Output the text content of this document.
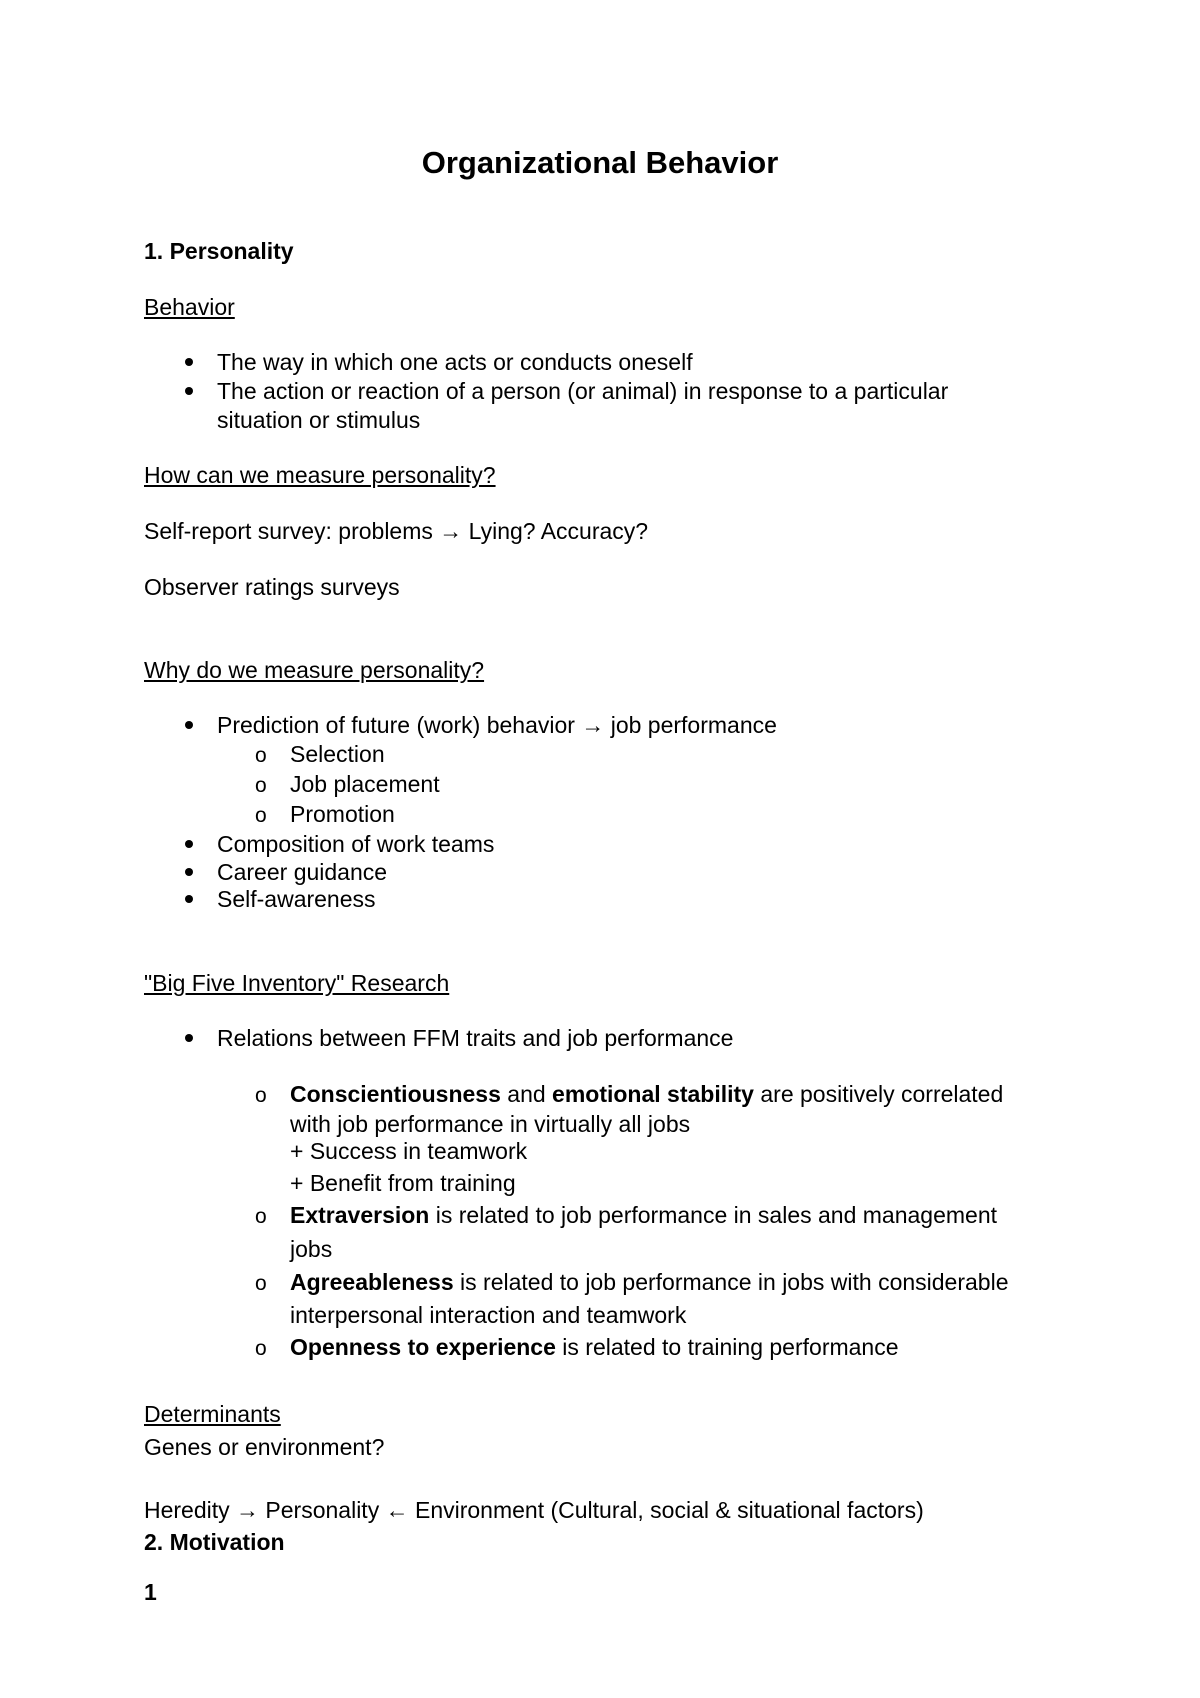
Organizational Behavior
1. Personality
Behavior
The way in which one acts or conducts oneself
The action or reaction of a person (or animal) in response to a particular
situation or stimulus
How can we measure personality?
Self-report survey: problems → Lying? Accuracy?
Observer ratings surveys
Why do we measure personality?
Prediction of future (work) behavior → job performance
o Selection
o Job placement
o Promotion
Composition of work teams
Career guidance
Self-awareness
"Big Five Inventory" Research
Relations between FFM traits and job performance
o Conscientiousness and emotional stability are positively correlated
with job performance in virtually all jobs
+ Success in teamwork
+ Benefit from training
o Extraversion is related to job performance in sales and management
jobs
o Agreeableness is related to job performance in jobs with considerable
interpersonal interaction and teamwork
o Openness to experience is related to training performance
Determinants
Genes or environment?
Heredity → Personality ← Environment (Cultural, social & situational factors)
2. Motivation
1
